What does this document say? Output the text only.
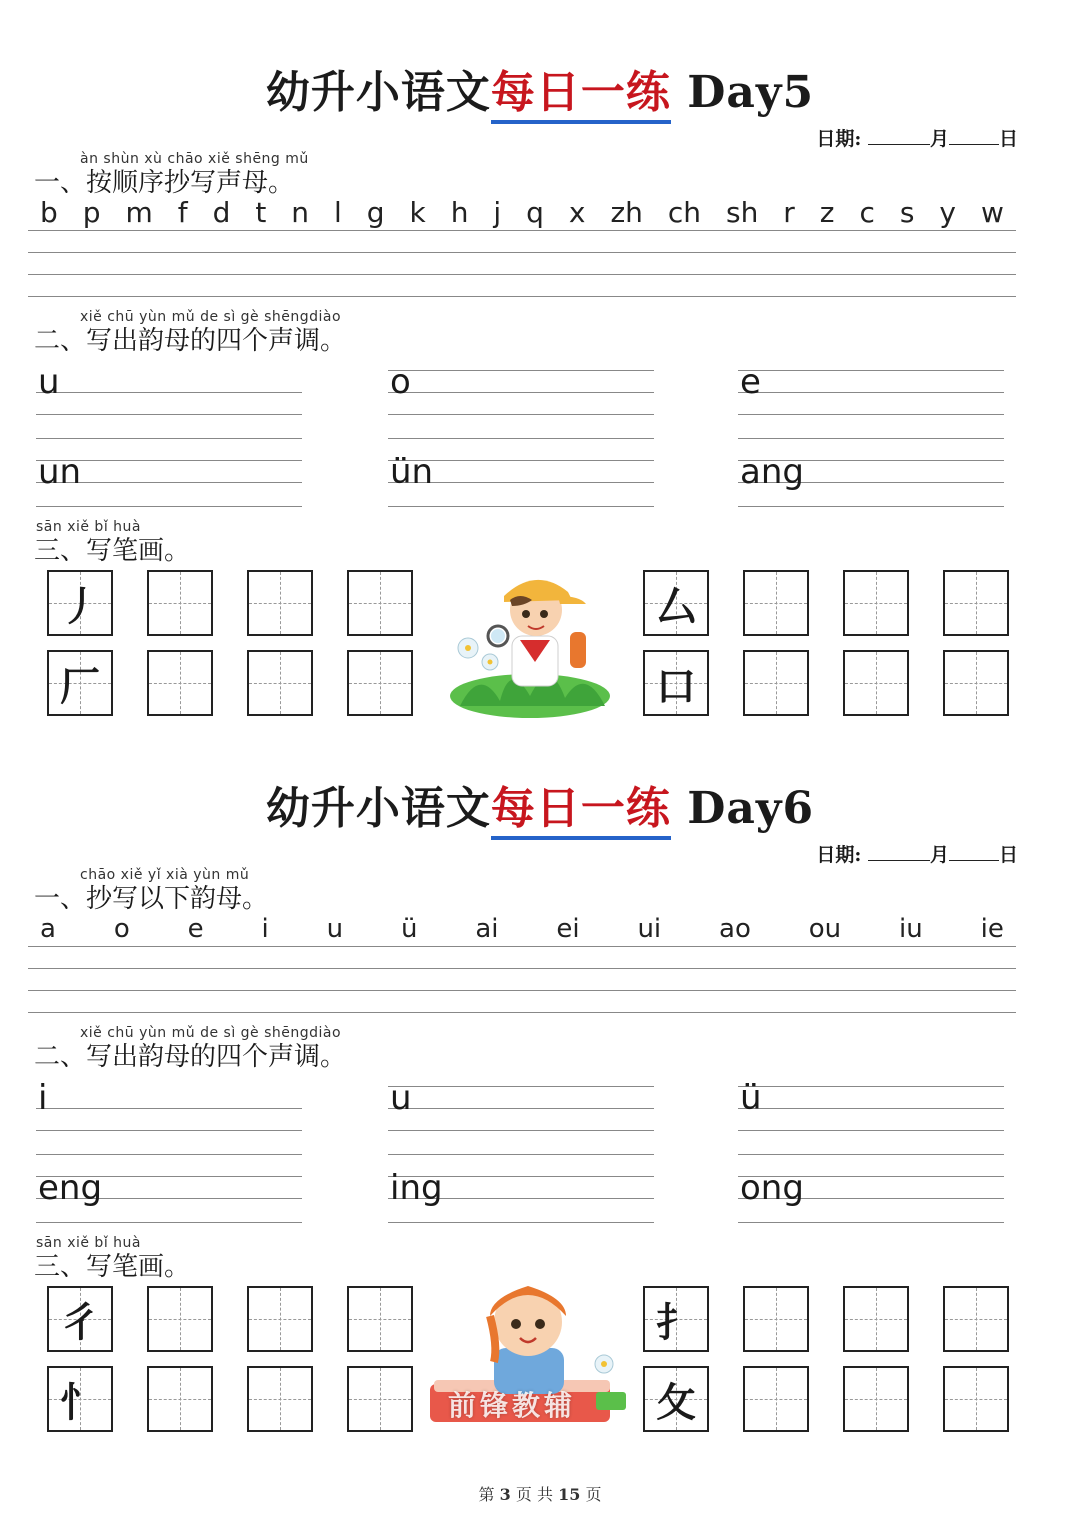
幼升小语文每日一练 Day5
日期:	月	日
àn shùn xù chāo xiě shēng mǔ
一、按顺序抄写声母。
b p m f d t n l g k h j q x zh ch sh r z c s y w
xiě chū yùn mǔ de sì gè shēngdiào
二、写出韵母的四个声调。
u	o	e
un	ün	ang
sān xiě bǐ huà
三、写笔画。
丿	厶
厂	口
幼升小语文每日一练 Day6
日期:	月	日
chāo xiě yǐ xià yùn mǔ
一、抄写以下韵母。
a o e i u ü ai ei ui ao ou iu ie
xiě chū yùn mǔ de sì gè shēngdiào
二、写出韵母的四个声调。
i	u	ü
eng	ing	ong
sān xiě bǐ huà
三、写笔画。
彳	扌
忄	攵
前锋教辅
第 3 页 共 15 页
